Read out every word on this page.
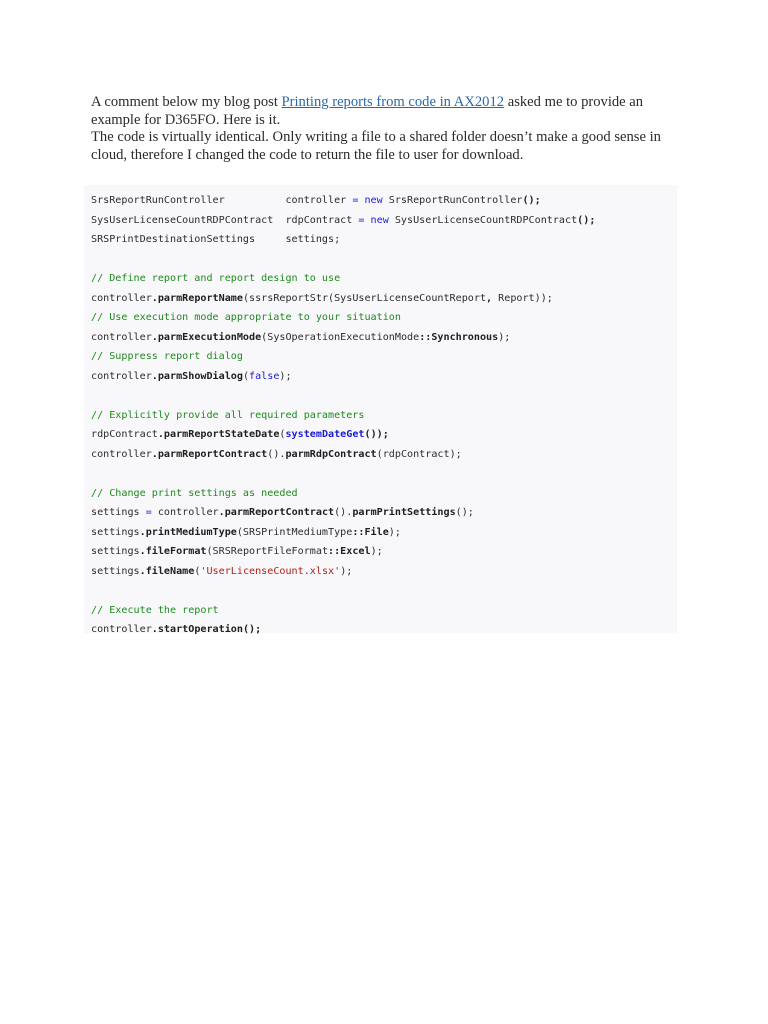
A comment below my blog post Printing reports from code in AX2012 asked me to provide an example for D365FO. Here is it.

The code is virtually identical. Only writing a file to a shared folder doesn’t make a good sense in cloud, therefore I changed the code to return the file to user for download.

SrsReportRunController          controller = new SrsReportRunController();
SysUserLicenseCountRDPContract  rdpContract = new SysUserLicenseCountRDPContract();
SRSPrintDestinationSettings     settings;
// Define report and report design to use
controller.parmReportName(ssrsReportStr(SysUserLicenseCountReport, Report));
// Use execution mode appropriate to your situation
controller.parmExecutionMode(SysOperationExecutionMode::Synchronous);
// Suppress report dialog
controller.parmShowDialog(false);
// Explicitly provide all required parameters
rdpContract.parmReportStateDate(systemDateGet());
controller.parmReportContract().parmRdpContract(rdpContract);
// Change print settings as needed
settings = controller.parmReportContract().parmPrintSettings();
settings.printMediumType(SRSPrintMediumType::File);
settings.fileFormat(SRSReportFileFormat::Excel);
settings.fileName('UserLicenseCount.xlsx');
// Execute the report
controller.startOperation();
